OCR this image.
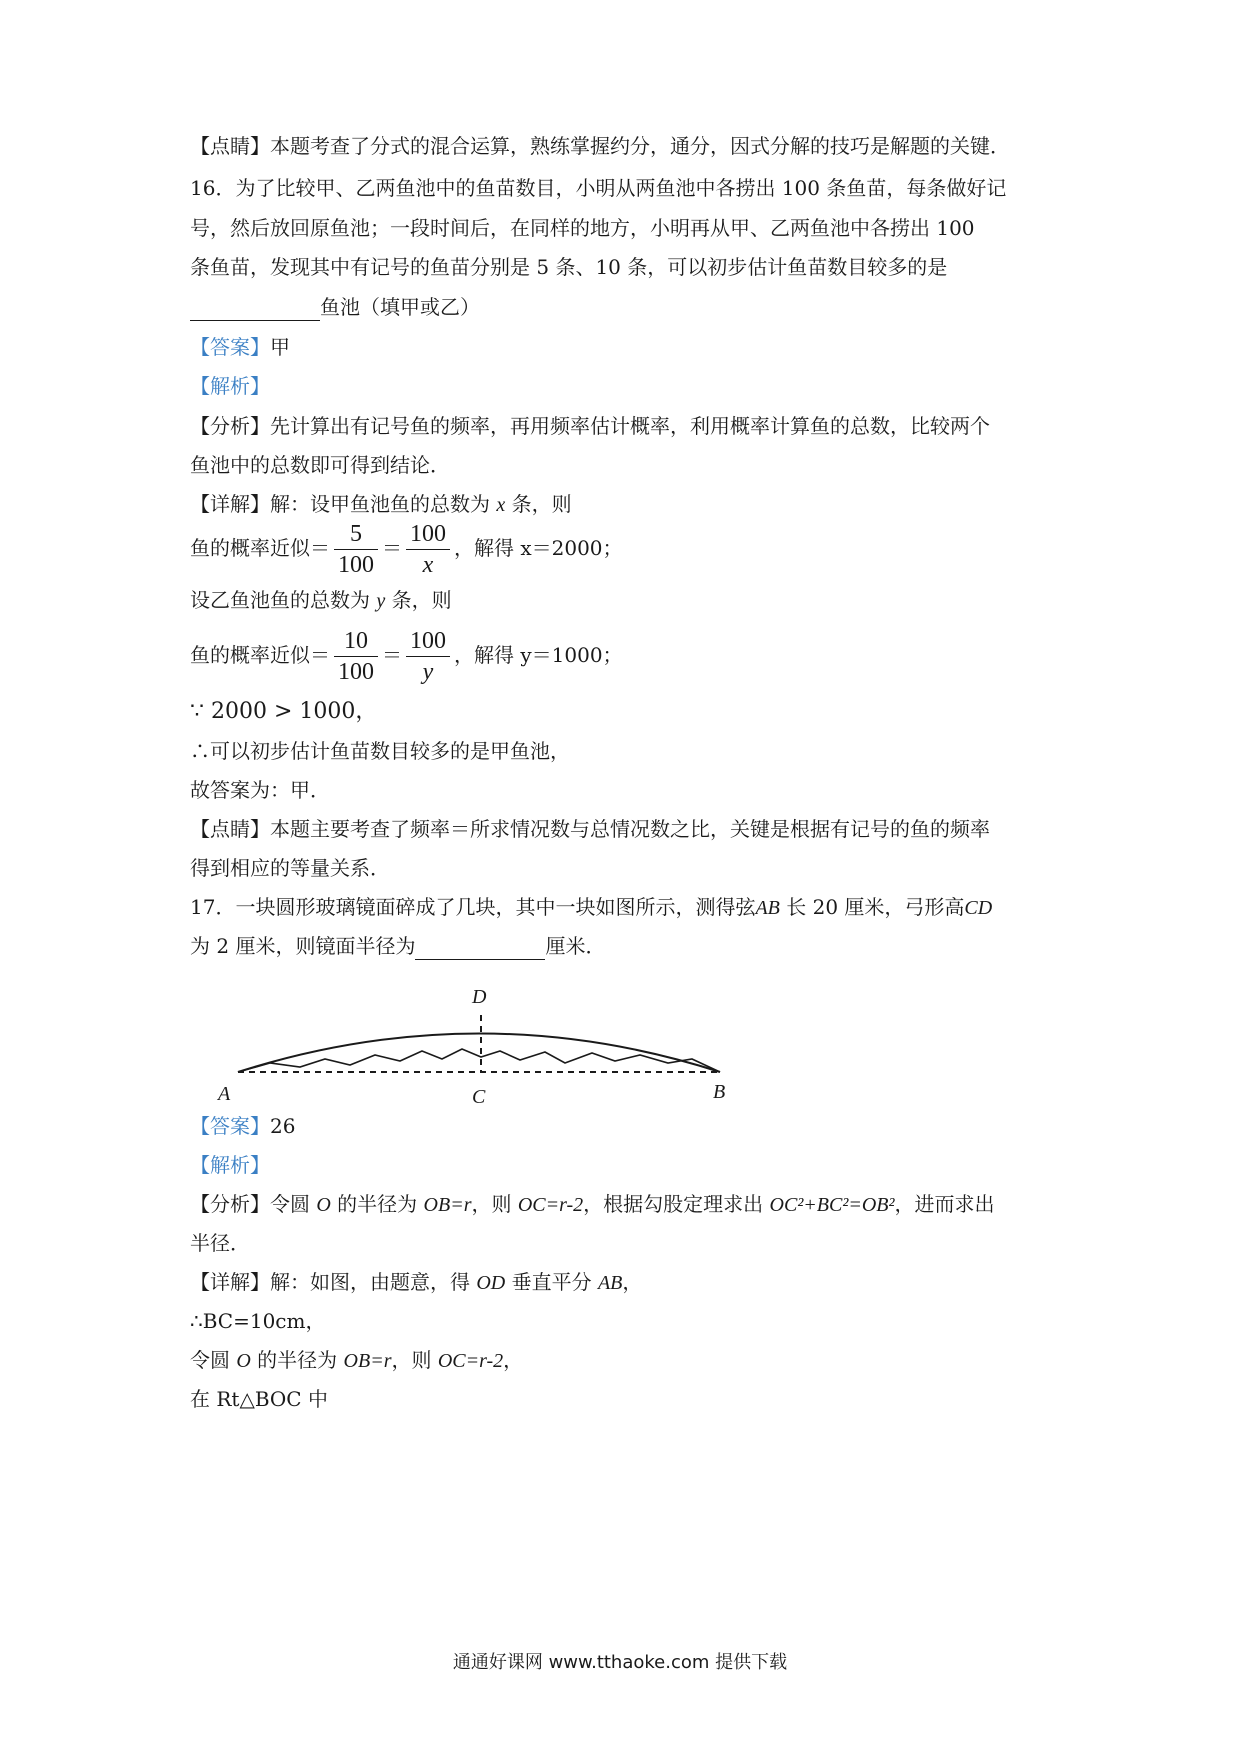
【点睛】本题考查了分式的混合运算，熟练掌握约分，通分，因式分解的技巧是解题的关键．
16．为了比较甲、乙两鱼池中的鱼苗数目，小明从两鱼池中各捞出 100 条鱼苗，每条做好记
号，然后放回原鱼池；一段时间后，在同样的地方，小明再从甲、乙两鱼池中各捞出 100
条鱼苗，发现其中有记号的鱼苗分别是 5 条、10 条，可以初步估计鱼苗数目较多的是
鱼池（填甲或乙）
【答案】甲
【解析】
【分析】先计算出有记号鱼的频率，再用频率估计概率，利用概率计算鱼的总数，比较两个
鱼池中的总数即可得到结论．
【详解】解：设甲鱼池鱼的总数为 x 条，则
鱼的概率近似＝ $\frac{5}{100} = \frac{100}{x}$ ，解得 x＝2000；
设乙鱼池鱼的总数为 y 条，则
鱼的概率近似＝ $\frac{10}{100} = \frac{100}{y}$ ，解得 y＝1000；
∵ 2000 > 1000，
∴可以初步估计鱼苗数目较多的是甲鱼池，
故答案为：甲．
【点睛】本题主要考查了频率＝所求情况数与总情况数之比，关键是根据有记号的鱼的频率
得到相应的等量关系．
17．一块圆形玻璃镜面碎成了几块，其中一块如图所示，测得弦AB 长 20 厘米，弓形高CD
为 2 厘米，则镜面半径为	厘米．
A	C
D
B
【答案】26
【解析】
【分析】令圆 O 的半径为 OB=r，则 OC=r-2，根据勾股定理求出 OC²+BC²=OB²，进而求出
半径．
【详解】解：如图，由题意，得 OD 垂直平分 AB，
∴BC=10cm，
令圆 O 的半径为 OB=r，则 OC=r-2，
在 Rt△BOC 中
通通好课网 www.tthaoke.com 提供下载
